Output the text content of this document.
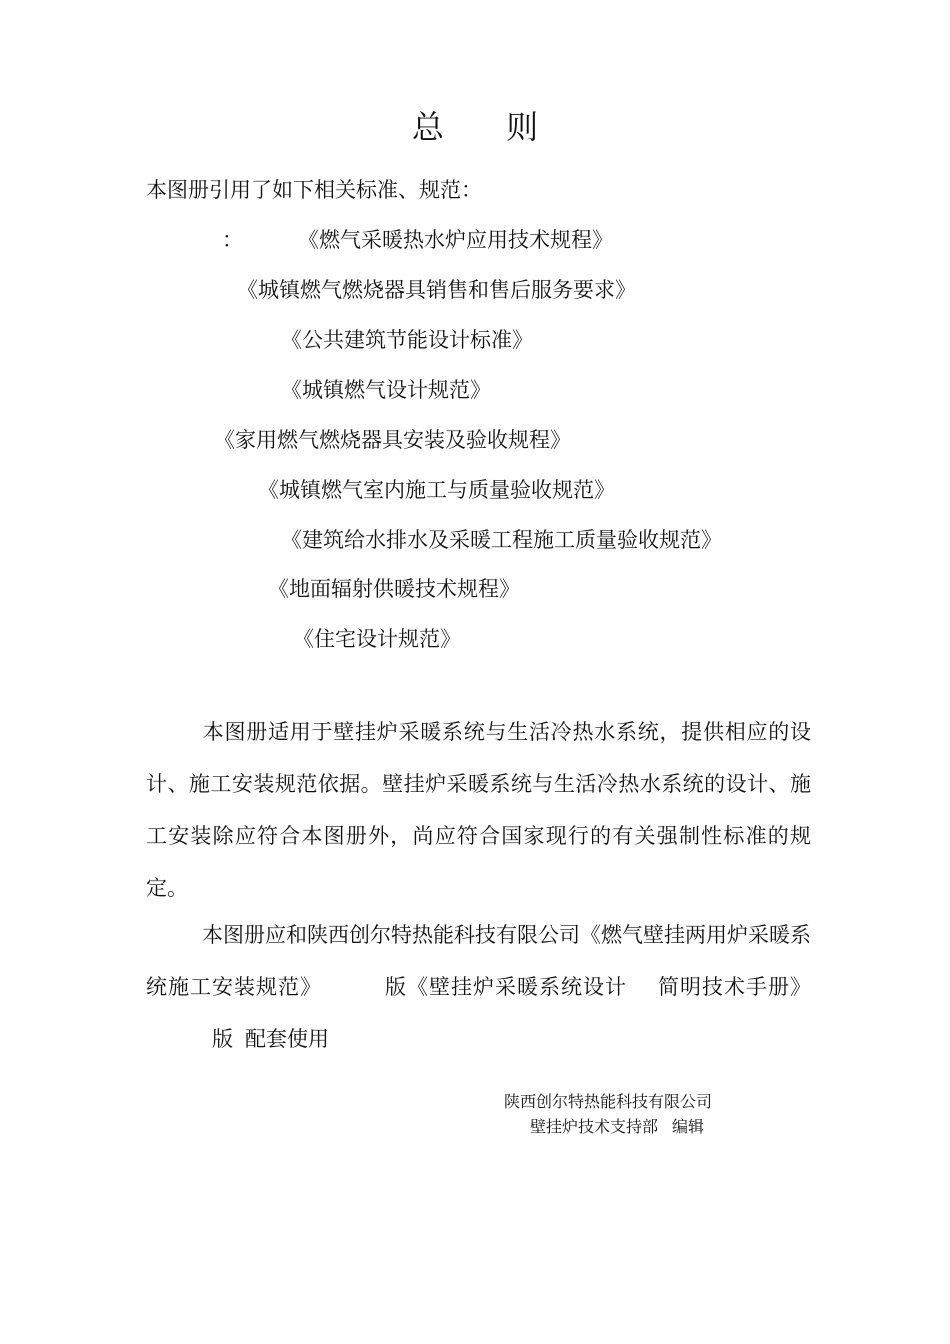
总 则
本图册引用了如下相关标准、规范：
：	《燃气采暖热水炉应用技术规程》
《城镇燃气燃烧器具销售和售后服务要求》
《公共建筑节能设计标准》
《城镇燃气设计规范》
《家用燃气燃烧器具安装及验收规程》
《城镇燃气室内施工与质量验收规范》
《建筑给水排水及采暖工程施工质量验收规范》
《地面辐射供暖技术规程》
《住宅设计规范》

本图册适用于壁挂炉采暖系统与生活冷热水系统，提供相应的设计、施工安装规范依据。壁挂炉采暖系统与生活冷热水系统的设计、施工安装除应符合本图册外，尚应符合国家现行的有关强制性标准的规定。

本图册应和陕西创尔特热能科技有限公司《燃气壁挂两用炉采暖系统施工安装规范》	版《壁挂炉采暖系统设计 简明技术手册》版 配套使用

陕西创尔特热能科技有限公司
壁挂炉技术支持部 编辑
